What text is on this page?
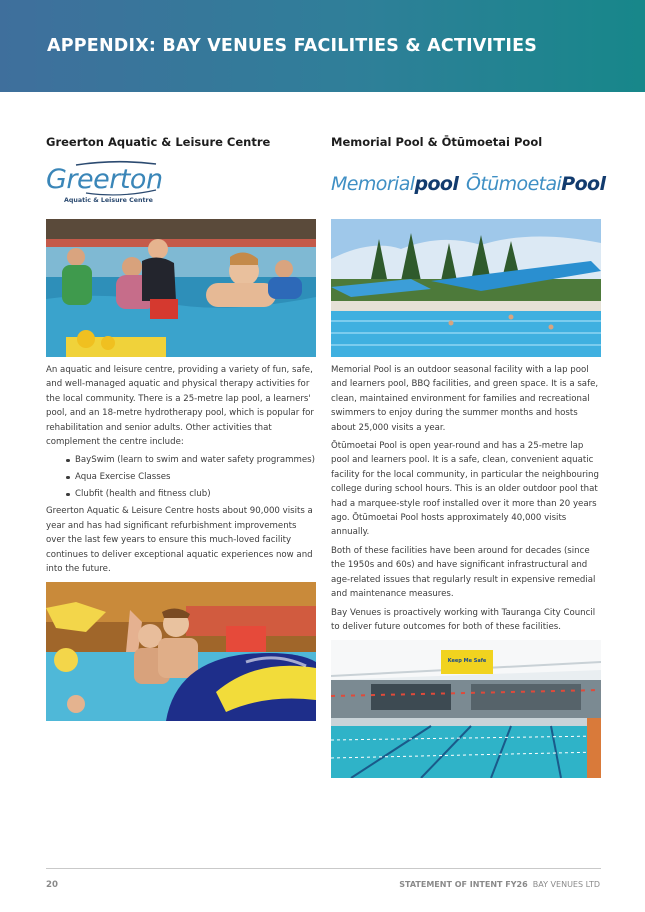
APPENDIX: BAY VENUES FACILITIES & ACTIVITIES
Greerton Aquatic & Leisure Centre	Memorial Pool & Ōtūmoetai Pool
Greerton
Aquatic & Leisure Centre
Memorialpool ŌtūmoetaiPool

An aquatic and leisure centre, providing a variety of fun, safe, and well-managed aquatic and physical therapy activities for the local community. There is a 25-metre lap pool, a learners' pool, and an 18-metre hydrotherapy pool, which is popular for rehabilitation and senior adults. Other activities that complement the centre include:

BaySwim (learn to swim and water safety programmes)
Aqua Exercise Classes
Clubfit (health and fitness club)

Greerton Aquatic & Leisure Centre hosts about 90,000 visits a year and has had significant refurbishment improvements over the last few years to ensure this much-loved facility continues to deliver exceptional aquatic experiences now and into the future.

Memorial Pool is an outdoor seasonal facility with a lap pool and learners pool, BBQ facilities, and green space. It is a safe, clean, maintained environment for families and recreational swimmers to enjoy during the summer months and hosts about 25,000 visits a year.

Ōtūmoetai Pool is open year-round and has a 25-metre lap pool and learners pool. It is a safe, clean, convenient aquatic facility for the local community, in particular the neighbouring college during school hours. This is an older outdoor pool that had a marquee-style roof installed over it more than 20 years ago. Ōtūmoetai Pool hosts approximately 40,000 visits annually.

Both of these facilities have been around for decades (since the 1950s and 60s) and have significant infrastructural and age-related issues that regularly result in expensive remedial and maintenance measures.

Bay Venues is proactively working with Tauranga City Council to deliver future outcomes for both of these facilities.

Keep Me Safe
20	STATEMENT OF INTENT FY26 BAY VENUES LTD
